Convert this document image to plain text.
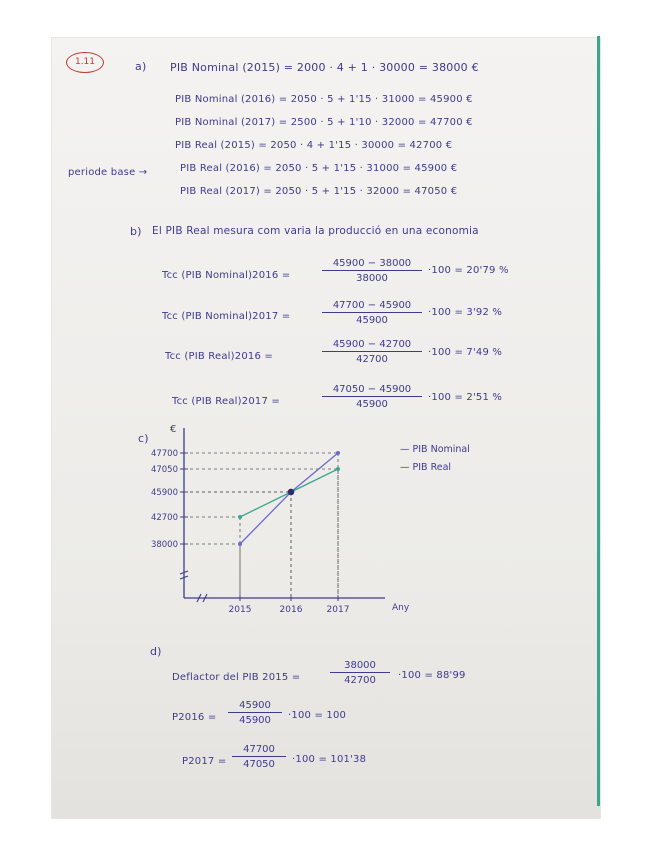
1.11	a) PIB Nominal (2015) = 2000 · 4 + 1 · 30000 = 38000 €
PIB Nominal (2016) = 2050 · 5 + 1'15 · 31000 = 45900 €
PIB Nominal (2017) = 2500 · 5 + 1'10 · 32000 = 47700 €
PIB Real (2015) = 2050 · 4 + 1'15 · 30000 = 42700 €
periode base →	PIB Real (2016) = 2050 · 5 + 1'15 · 31000 = 45900 €
PIB Real (2017) = 2050 · 5 + 1'15 · 32000 = 47050 €
b) El PIB Real mesura com varia la producció en una economia
Tcc (PIB Nominal)2016 =	$\frac{45900 - 38000}{38000} \cdot 100 = 20'79$ %
Tcc (PIB Nominal)2017 =	$\frac{47700 - 45900}{45900} \cdot 100 = 3'92$ %
Tcc (PIB Real)2016 =	$\frac{45900 - 42700}{42700} \cdot 100 = 7'49$ %
Tcc (PIB Real)2017 =	$\frac{47050 - 45900}{45900} \cdot 100 = 2'51$ %
c)
€
Any
47700
47050
45900
42700
38000
2015	2016	2017
— PIB Nominal
— PIB Real
d)
Deflactor del PIB 2015 =	$\frac{38000}{42700} \cdot 100 = 88'99$
$P2016 = \frac{45900}{45900} \cdot 100 = 100$
$P2017 = \frac{47700}{47050} \cdot 100 = 101'38$
